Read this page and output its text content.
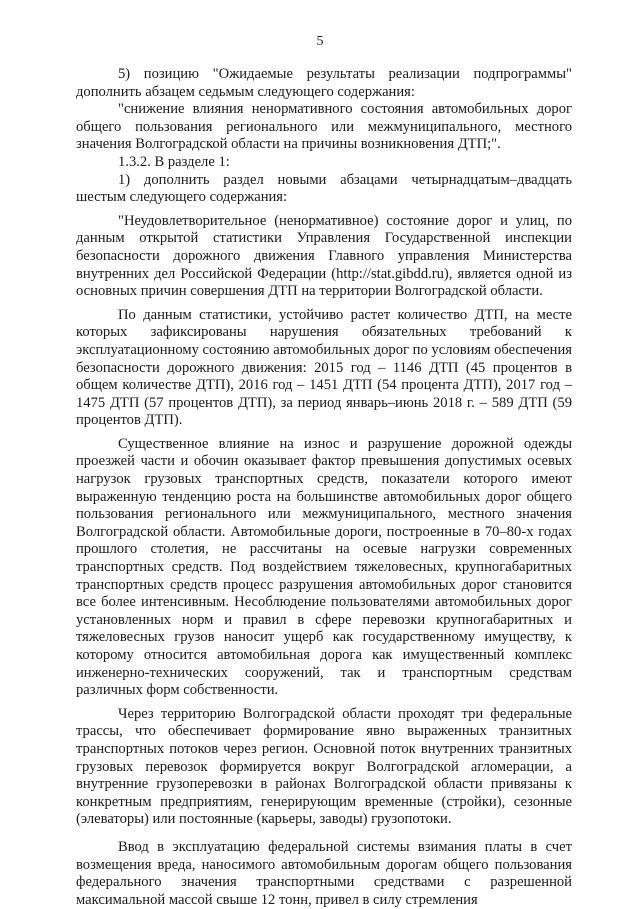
5

5) позицию "Ожидаемые результаты реализации подпрограммы" дополнить абзацем седьмым следующего содержания:

"снижение влияния ненормативного состояния автомобильных дорог общего пользования регионального или межмуниципального, местного значения Волгоградской области на причины возникновения ДТП;".

1.3.2. В разделе 1:

1) дополнить раздел новыми абзацами четырнадцатым–двадцать шестым следующего содержания:

"Неудовлетворительное (ненормативное) состояние дорог и улиц, по данным открытой статистики Управления Государственной инспекции безопасности дорожного движения Главного управления Министерства внутренних дел Российской Федерации (http://stat.gibdd.ru), является одной из основных причин совершения ДТП на территории Волгоградской области.

По данным статистики, устойчиво растет количество ДТП, на месте которых зафиксированы нарушения обязательных требований к эксплуатационному состоянию автомобильных дорог по условиям обеспечения безопасности дорожного движения: 2015 год – 1146 ДТП (45 процентов в общем количестве ДТП), 2016 год – 1451 ДТП (54 процента ДТП), 2017 год – 1475 ДТП (57 процентов ДТП), за период январь–июнь 2018 г. – 589 ДТП (59 процентов ДТП).

Существенное влияние на износ и разрушение дорожной одежды проезжей части и обочин оказывает фактор превышения допустимых осевых нагрузок грузовых транспортных средств, показатели которого имеют выраженную тенденцию роста на большинстве автомобильных дорог общего пользования регионального или межмуниципального, местного значения Волгоградской области. Автомобильные дороги, построенные в 70–80-х годах прошлого столетия, не рассчитаны на осевые нагрузки современных транспортных средств. Под воздействием тяжеловесных, крупногабаритных транспортных средств процесс разрушения автомобильных дорог становится все более интенсивным. Несоблюдение пользователями автомобильных дорог установленных норм и правил в сфере перевозки крупногабаритных и тяжеловесных грузов наносит ущерб как государственному имуществу, к которому относится автомобильная дорога как имущественный комплекс инженерно-технических сооружений, так и транспортным средствам различных форм собственности.

Через территорию Волгоградской области проходят три федеральные трассы, что обеспечивает формирование явно выраженных транзитных транспортных потоков через регион. Основной поток внутренних транзитных грузовых перевозок формируется вокруг Волгоградской агломерации, а внутренние грузоперевозки в районах Волгоградской области привязаны к конкретным предприятиям, генерирующим временные (стройки), сезонные (элеваторы) или постоянные (карьеры, заводы) грузопотоки.

Ввод в эксплуатацию федеральной системы взимания платы в счет возмещения вреда, наносимого автомобильным дорогам общего пользования федерального значения транспортными средствами с разрешенной максимальной массой свыше 12 тонн, привел в силу стремления
